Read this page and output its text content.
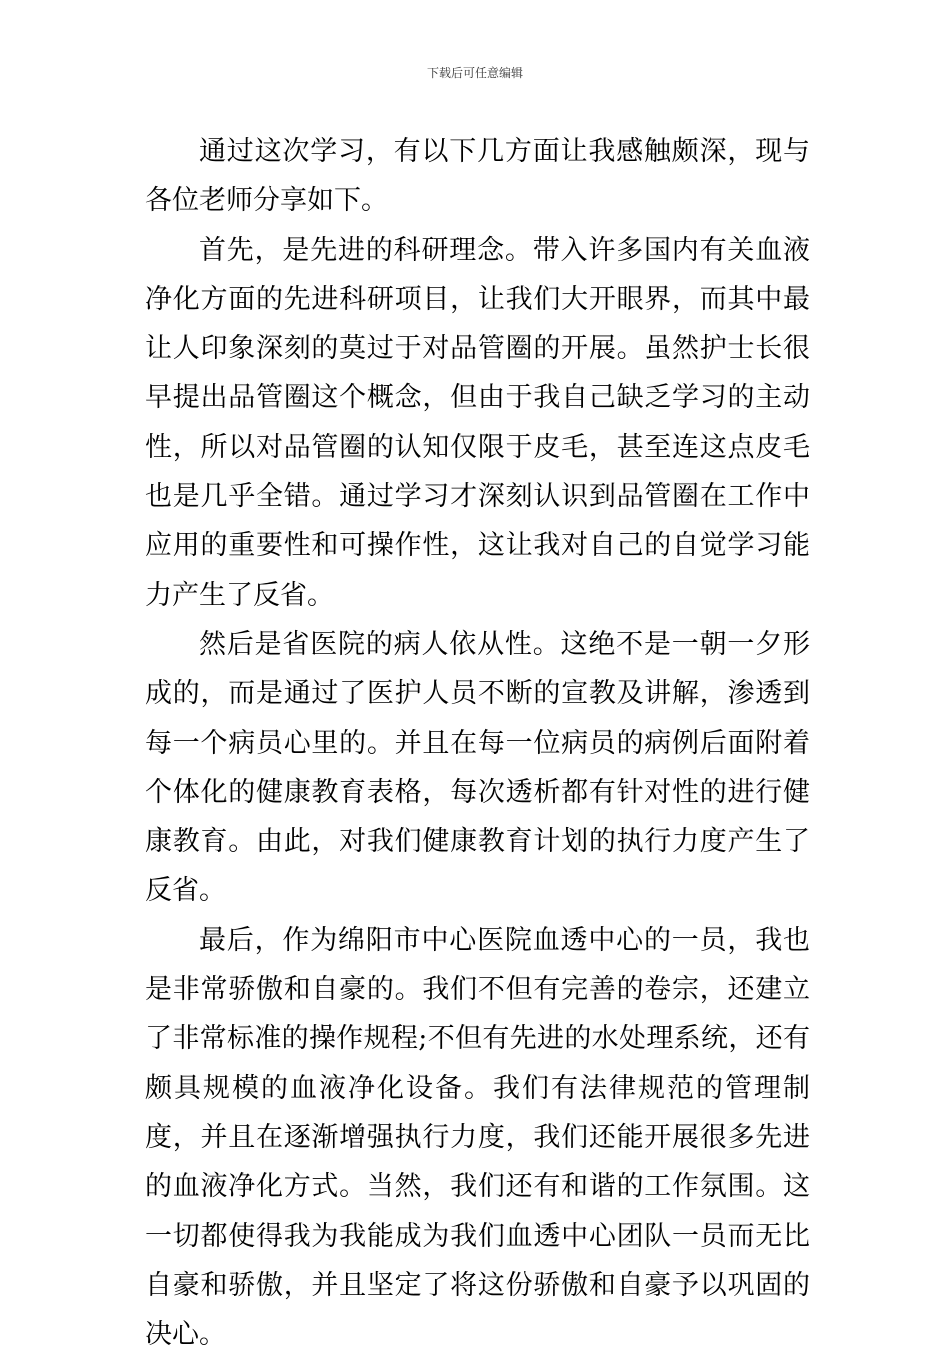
下载后可任意编辑

通过这次学习，有以下几方面让我感触颇深，现与各位老师分享如下。

首先，是先进的科研理念。带入许多国内有关血液净化方面的先进科研项目，让我们大开眼界，而其中最让人印象深刻的莫过于对品管圈的开展。虽然护士长很早提出品管圈这个概念，但由于我自己缺乏学习的主动性，所以对品管圈的认知仅限于皮毛，甚至连这点皮毛也是几乎全错。通过学习才深刻认识到品管圈在工作中应用的重要性和可操作性，这让我对自己的自觉学习能力产生了反省。

然后是省医院的病人依从性。这绝不是一朝一夕形成的，而是通过了医护人员不断的宣教及讲解，渗透到每一个病员心里的。并且在每一位病员的病例后面附着个体化的健康教育表格，每次透析都有针对性的进行健康教育。由此，对我们健康教育计划的执行力度产生了反省。

最后，作为绵阳市中心医院血透中心的一员，我也是非常骄傲和自豪的。我们不但有完善的卷宗，还建立了非常标准的操作规程;不但有先进的水处理系统，还有颇具规模的血液净化设备。我们有法律规范的管理制度，并且在逐渐增强执行力度，我们还能开展很多先进的血液净化方式。当然，我们还有和谐的工作氛围。这一切都使得我为我能成为我们血透中心团队一员而无比自豪和骄傲，并且坚定了将这份骄傲和自豪予以巩固的决心。
